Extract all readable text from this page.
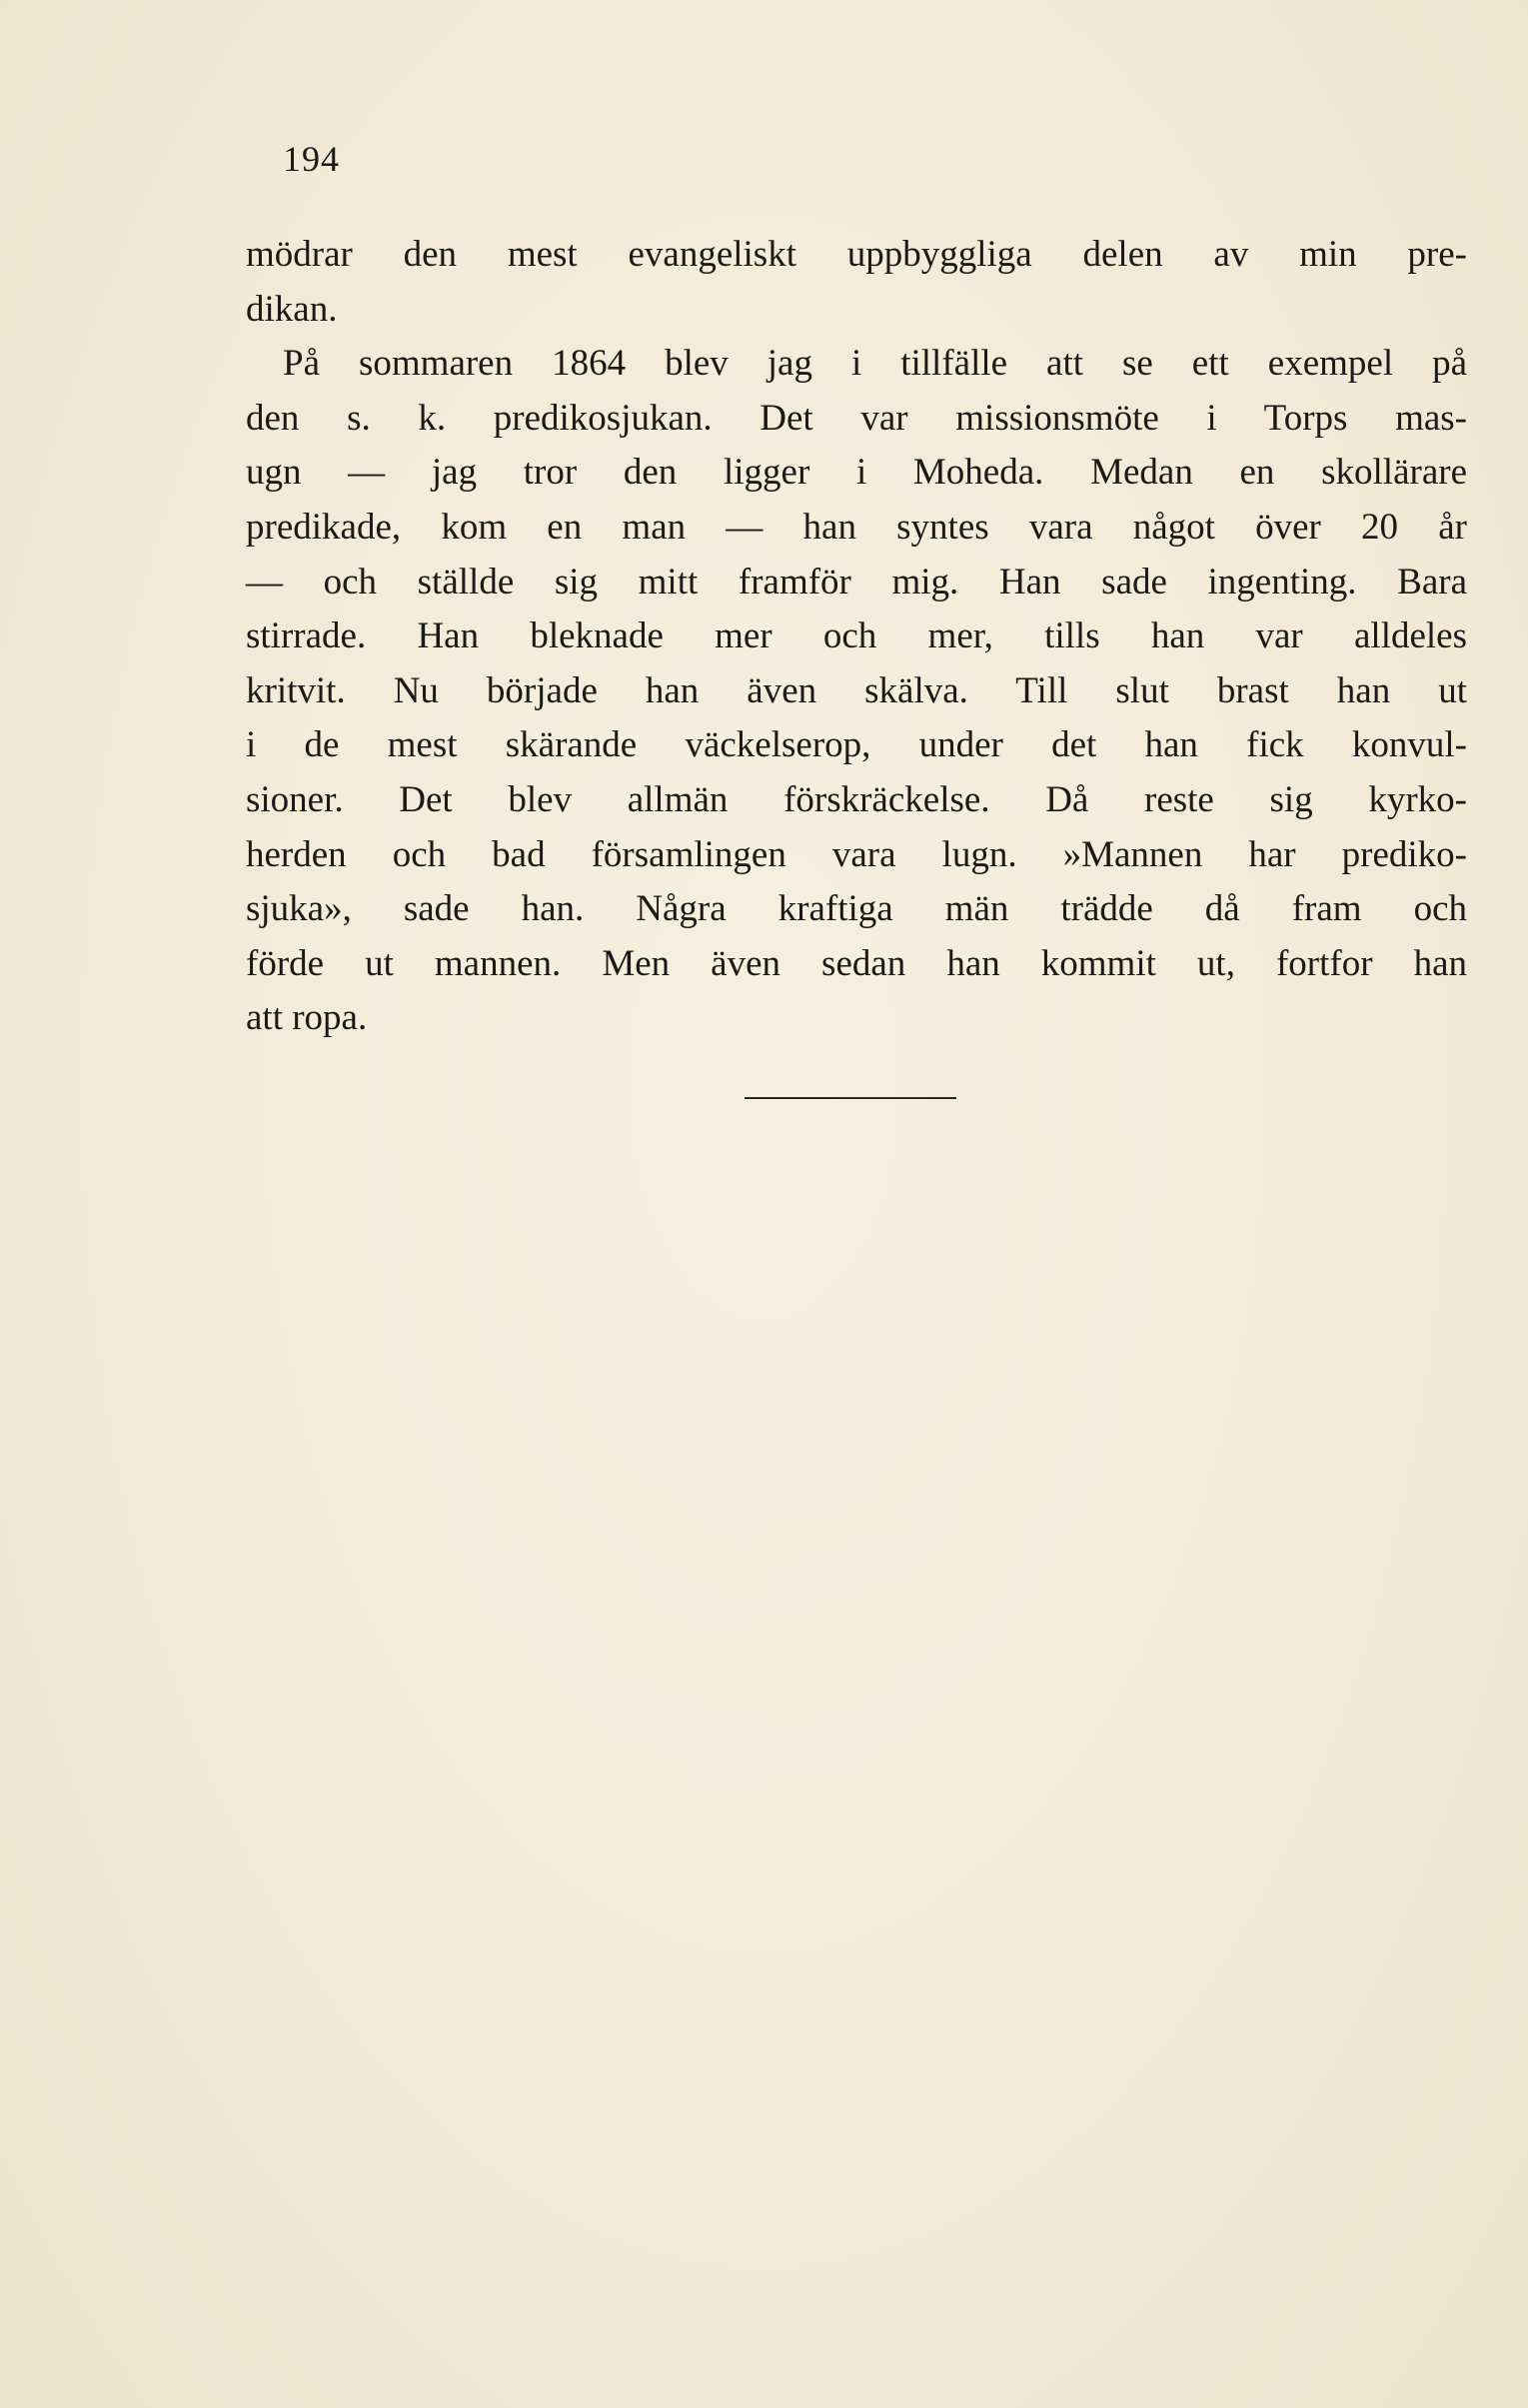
194
mödrar den mest evangeliskt uppbyggliga delen av min pre-
dikan.
 På sommaren 1864 blev jag i tillfälle att se ett exempel på
den s. k. predikosjukan. Det var missionsmöte i Torps mas-
ugn — jag tror den ligger i Moheda. Medan en skollärare
predikade, kom en man — han syntes vara något över 20 år
— och ställde sig mitt framför mig. Han sade ingenting. Bara
stirrade. Han bleknade mer och mer, tills han var alldeles
kritvit. Nu började han även skälva. Till slut brast han ut
i de mest skärande väckelserop, under det han fick konvul-
sioner. Det blev allmän förskräckelse. Då reste sig kyrko-
herden och bad församlingen vara lugn. »Mannen har prediko-
sjuka», sade han. Några kraftiga män trädde då fram och
förde ut mannen. Men även sedan han kommit ut, fortfor han
att ropa.
